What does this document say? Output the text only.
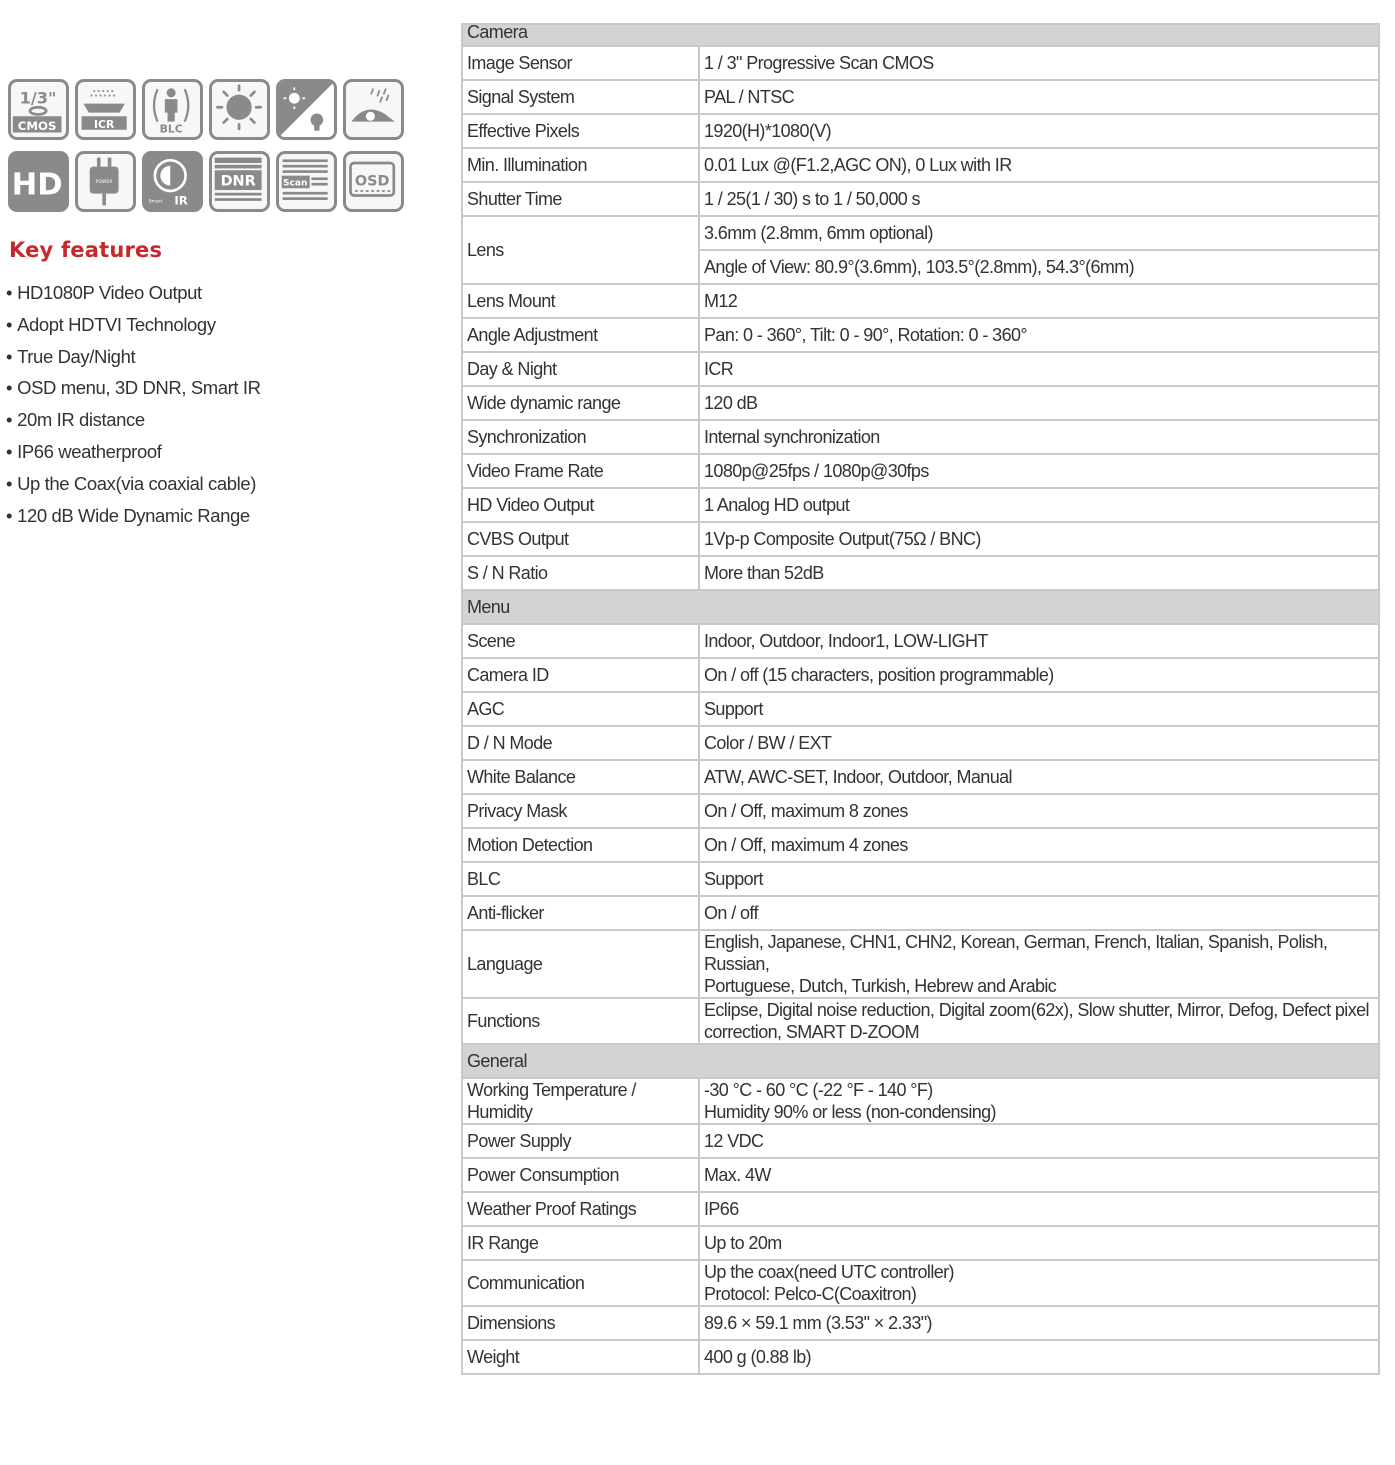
1/3"
CMOS	ICR	BLC
HD	POWER
Smart IR
DNR	Scan	OSD
Key features
• HD1080P Video Output
• Adopt HDTVI Technology
• True Day/Night
• OSD menu, 3D DNR, Smart IR
• 20m IR distance
• IP66 weatherproof
• Up the Coax(via coaxial cable)
• 120 dB Wide Dynamic Range
Camera	
Image Sensor	1 / 3" Progressive Scan CMOS
Signal System	PAL / NTSC
Effective Pixels	1920(H)*1080(V)
Min. Illumination	0.01 Lux @(F1.2,AGC ON), 0 Lux with IR
Shutter Time	1 / 25(1 / 30) s to 1 / 50,000 s
Lens	3.6mm (2.8mm, 6mm optional)
	Angle of View: 80.9°(3.6mm), 103.5°(2.8mm), 54.3°(6mm)
Lens Mount	M12
Angle Adjustment	Pan: 0 - 360°, Tilt: 0 - 90°, Rotation: 0 - 360°
Day & Night	ICR
Wide dynamic range	120 dB
Synchronization	Internal synchronization
Video Frame Rate	1080p@25fps / 1080p@30fps
HD Video Output	1 Analog HD output
CVBS Output	1Vp-p Composite Output(75Ω / BNC)
S / N Ratio	More than 52dB
Menu	
Scene	Indoor, Outdoor, Indoor1, LOW-LIGHT
Camera ID	On / off (15 characters, position programmable)
AGC	Support
D / N Mode	Color / BW / EXT
White Balance	ATW, AWC-SET, Indoor, Outdoor, Manual
Privacy Mask	On / Off, maximum 8 zones
Motion Detection	On / Off, maximum 4 zones
BLC	Support
Anti-flicker	On / off
Language	English, Japanese, CHN1, CHN2, Korean, German, French, Italian, Spanish, Polish, Russian,
Portuguese, Dutch, Turkish, Hebrew and Arabic

Functions	Eclipse, Digital noise reduction, Digital zoom(62x), Slow shutter, Mirror, Defog, Defect pixel
correction, SMART D-ZOOM

General	
Working Temperature / Humidity	-30 °C - 60 °C (-22 °F - 140 °F)
Humidity 90% or less (non-condensing)

Power Supply	12 VDC
Power Consumption	Max. 4W
Weather Proof Ratings	IP66
IR Range	Up to 20m
Communication	Up the coax(need UTC controller)
Protocol: Pelco-C(Coaxitron)

Dimensions	89.6 × 59.1 mm (3.53" × 2.33")
Weight	400 g (0.88 lb)
